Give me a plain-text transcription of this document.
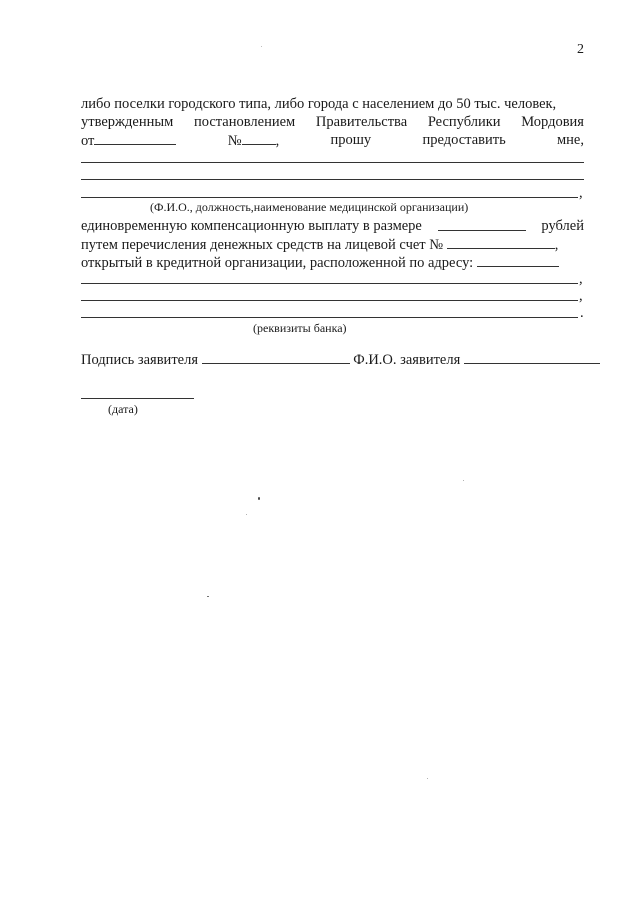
2
либо поселки городского типа, либо города с населением до 50 тыс. человек,
утвержденным постановлением Правительства Республики Мордовия
от	№ ,	прошу	предоставить	мне,
,
(Ф.И.О., должность,наименование медицинской организации)
единовременную компенсационную выплату в размере	рублей
путем перечисления денежных средств на лицевой счет №	,
открытый в кредитной организации, расположенной по адресу:
,
,
.
(реквизиты банка)
Подпись заявителя	Ф.И.О. заявителя
(дата)
